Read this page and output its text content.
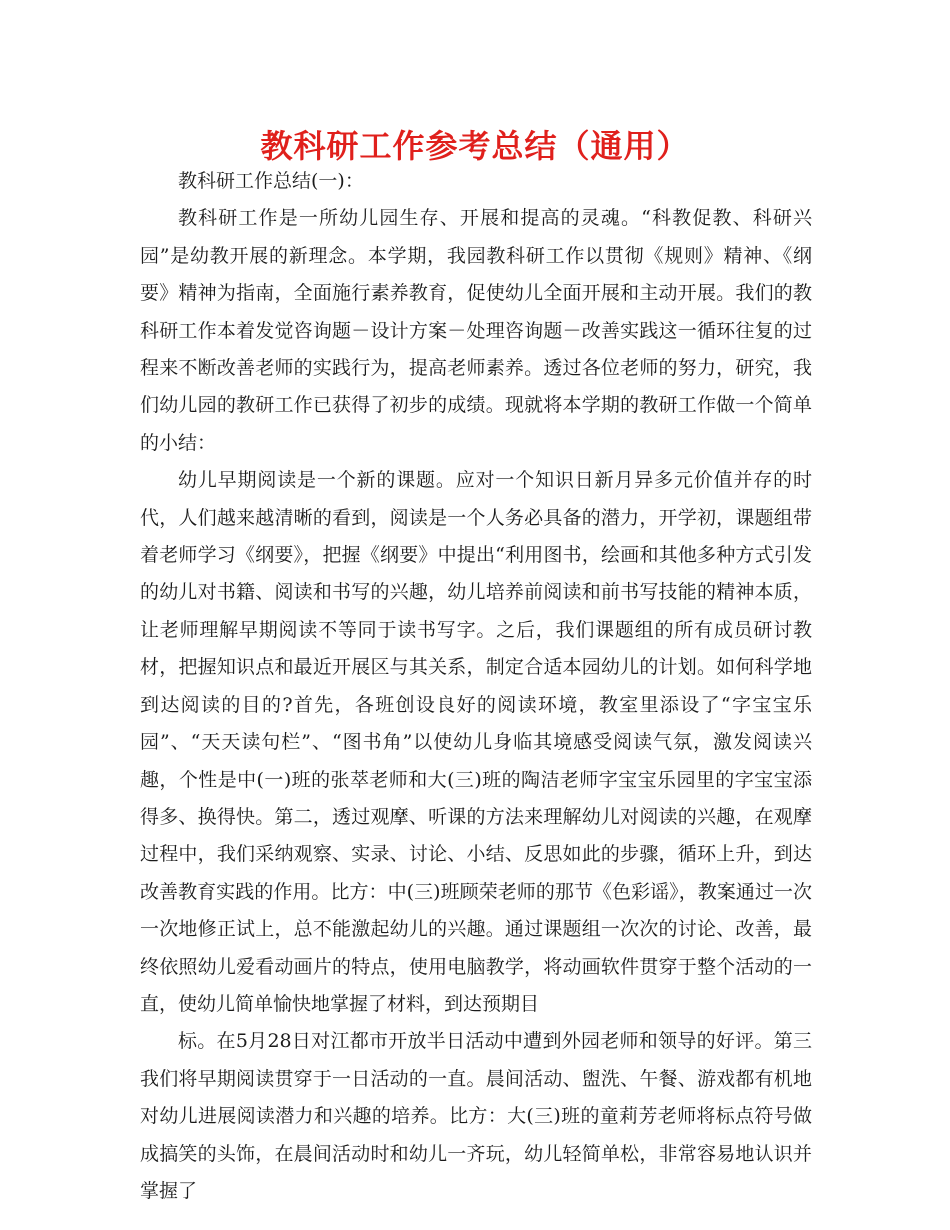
教科研工作参考总结（通用）

教科研工作总结(一)：

教科研工作是一所幼儿园生存、开展和提高的灵魂。“科教促教、科研兴园”是幼教开展的新理念。本学期，我园教科研工作以贯彻《规则》精神、《纲要》精神为指南，全面施行素养教育，促使幼儿全面开展和主动开展。我们的教科研工作本着发觉咨询题－设计方案－处理咨询题－改善实践这一循环往复的过程来不断改善老师的实践行为，提高老师素养。透过各位老师的努力，研究，我们幼儿园的教研工作已获得了初步的成绩。现就将本学期的教研工作做一个简单的小结：

幼儿早期阅读是一个新的课题。应对一个知识日新月异多元价值并存的时代，人们越来越清晰的看到，阅读是一个人务必具备的潜力，开学初，课题组带着老师学习《纲要》，把握《纲要》中提出“利用图书，绘画和其他多种方式引发的幼儿对书籍、阅读和书写的兴趣，幼儿培养前阅读和前书写技能的精神本质，让老师理解早期阅读不等同于读书写字。之后，我们课题组的所有成员研讨教材，把握知识点和最近开展区与其关系，制定合适本园幼儿的计划。如何科学地到达阅读的目的?首先，各班创设良好的阅读环境，教室里添设了“字宝宝乐园”、“天天读句栏”、“图书角”以使幼儿身临其境感受阅读气氛，激发阅读兴趣，个性是中(一)班的张萃老师和大(三)班的陶洁老师字宝宝乐园里的字宝宝添得多、换得快。第二，透过观摩、听课的方法来理解幼儿对阅读的兴趣，在观摩过程中，我们采纳观察、实录、讨论、小结、反思如此的步骤，循环上升，到达改善教育实践的作用。比方：中(三)班顾荣老师的那节《色彩谣》，教案通过一次一次地修正试上，总不能激起幼儿的兴趣。通过课题组一次次的讨论、改善，最终依照幼儿爱看动画片的特点，使用电脑教学，将动画软件贯穿于整个活动的一直，使幼儿简单愉快地掌握了材料，到达预期目

标。在5月28日对江都市开放半日活动中遭到外园老师和领导的好评。第三我们将早期阅读贯穿于一日活动的一直。晨间活动、盥洗、午餐、游戏都有机地对幼儿进展阅读潜力和兴趣的培养。比方：大(三)班的童莉芳老师将标点符号做成搞笑的头饰，在晨间活动时和幼儿一齐玩，幼儿轻简单松，非常容易地认识并掌握了
